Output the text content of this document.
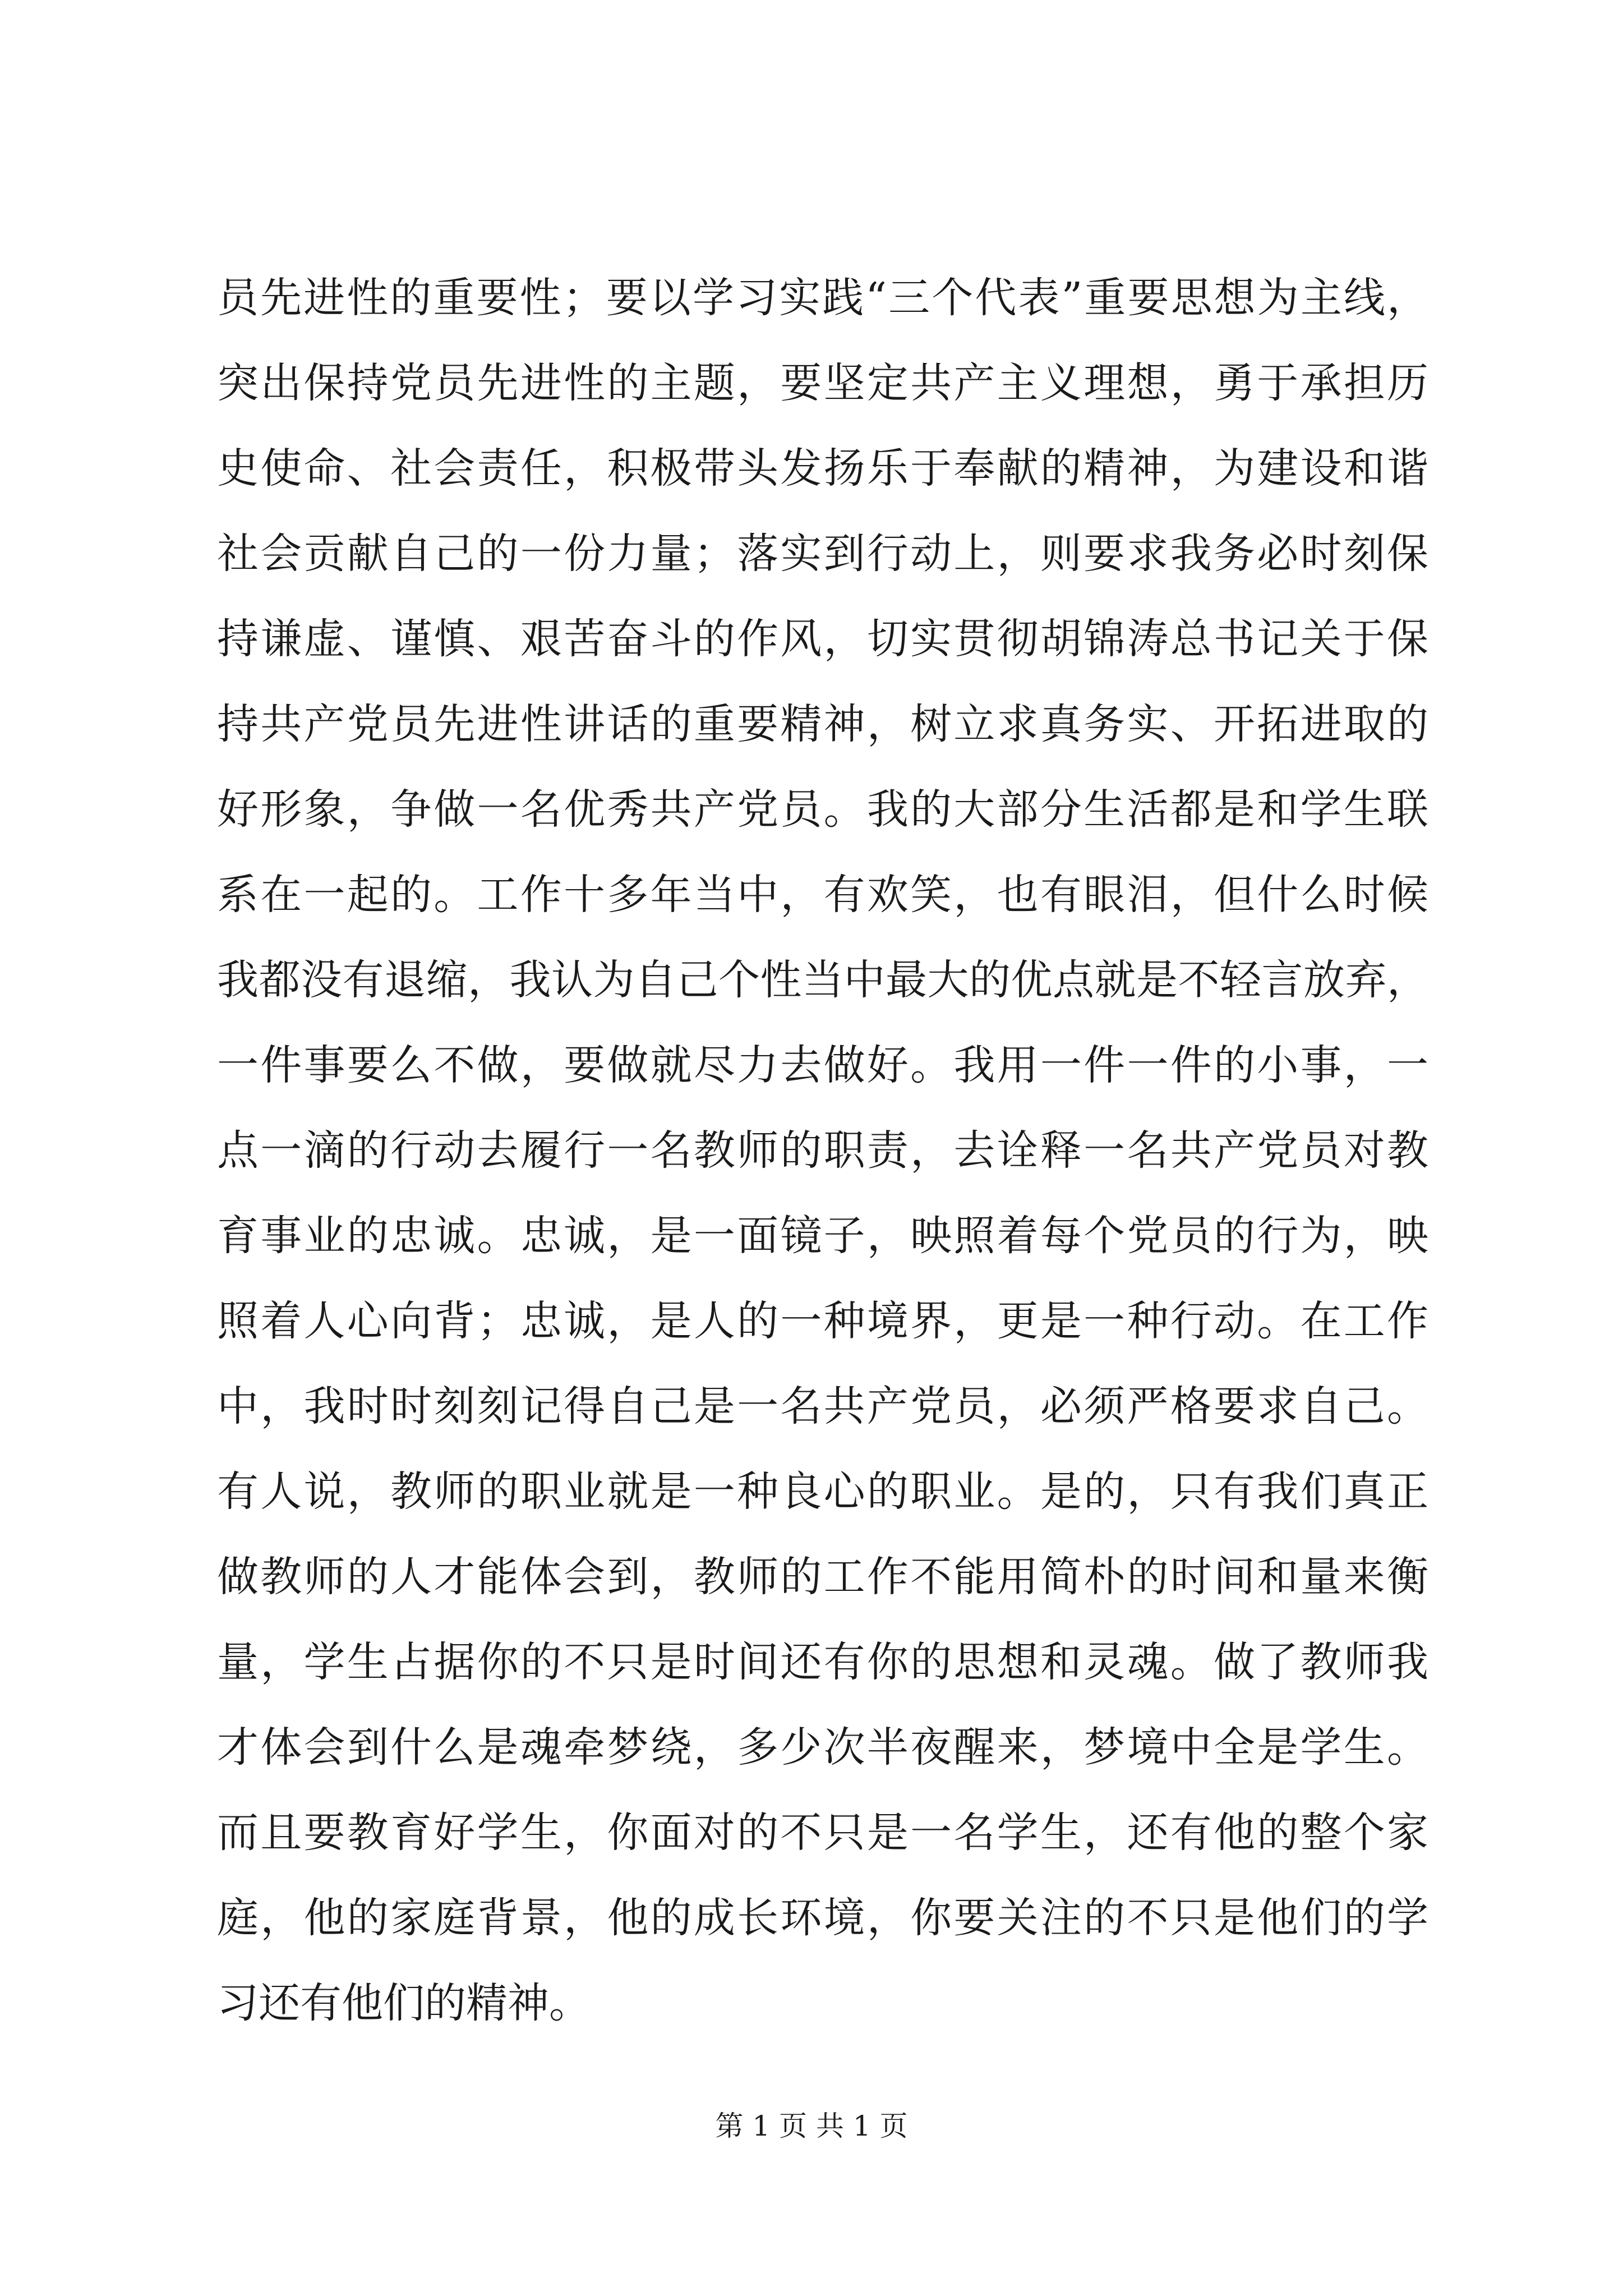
员先进性的重要性；要以学习实践“三个代表”重要思想为主线，
突出保持党员先进性的主题，要坚定共产主义理想，勇于承担历
史使命、社会责任，积极带头发扬乐于奉献的精神，为建设和谐
社会贡献自己的一份力量；落实到行动上，则要求我务必时刻保
持谦虚、谨慎、艰苦奋斗的作风，切实贯彻胡锦涛总书记关于保
持共产党员先进性讲话的重要精神，树立求真务实、开拓进取的
好形象，争做一名优秀共产党员。我的大部分生活都是和学生联
系在一起的。工作十多年当中，有欢笑，也有眼泪，但什么时候
我都没有退缩，我认为自己个性当中最大的优点就是不轻言放弃，
一件事要么不做，要做就尽力去做好。我用一件一件的小事，一
点一滴的行动去履行一名教师的职责，去诠释一名共产党员对教
育事业的忠诚。忠诚，是一面镜子，映照着每个党员的行为，映
照着人心向背；忠诚，是人的一种境界，更是一种行动。在工作
中，我时时刻刻记得自己是一名共产党员，必须严格要求自己。
有人说，教师的职业就是一种良心的职业。是的，只有我们真正
做教师的人才能体会到，教师的工作不能用简朴的时间和量来衡
量，学生占据你的不只是时间还有你的思想和灵魂。做了教师我
才体会到什么是魂牵梦绕，多少次半夜醒来，梦境中全是学生。
而且要教育好学生，你面对的不只是一名学生，还有他的整个家
庭，他的家庭背景，他的成长环境，你要关注的不只是他们的学
习还有他们的精神。
第 1 页 共 1 页
